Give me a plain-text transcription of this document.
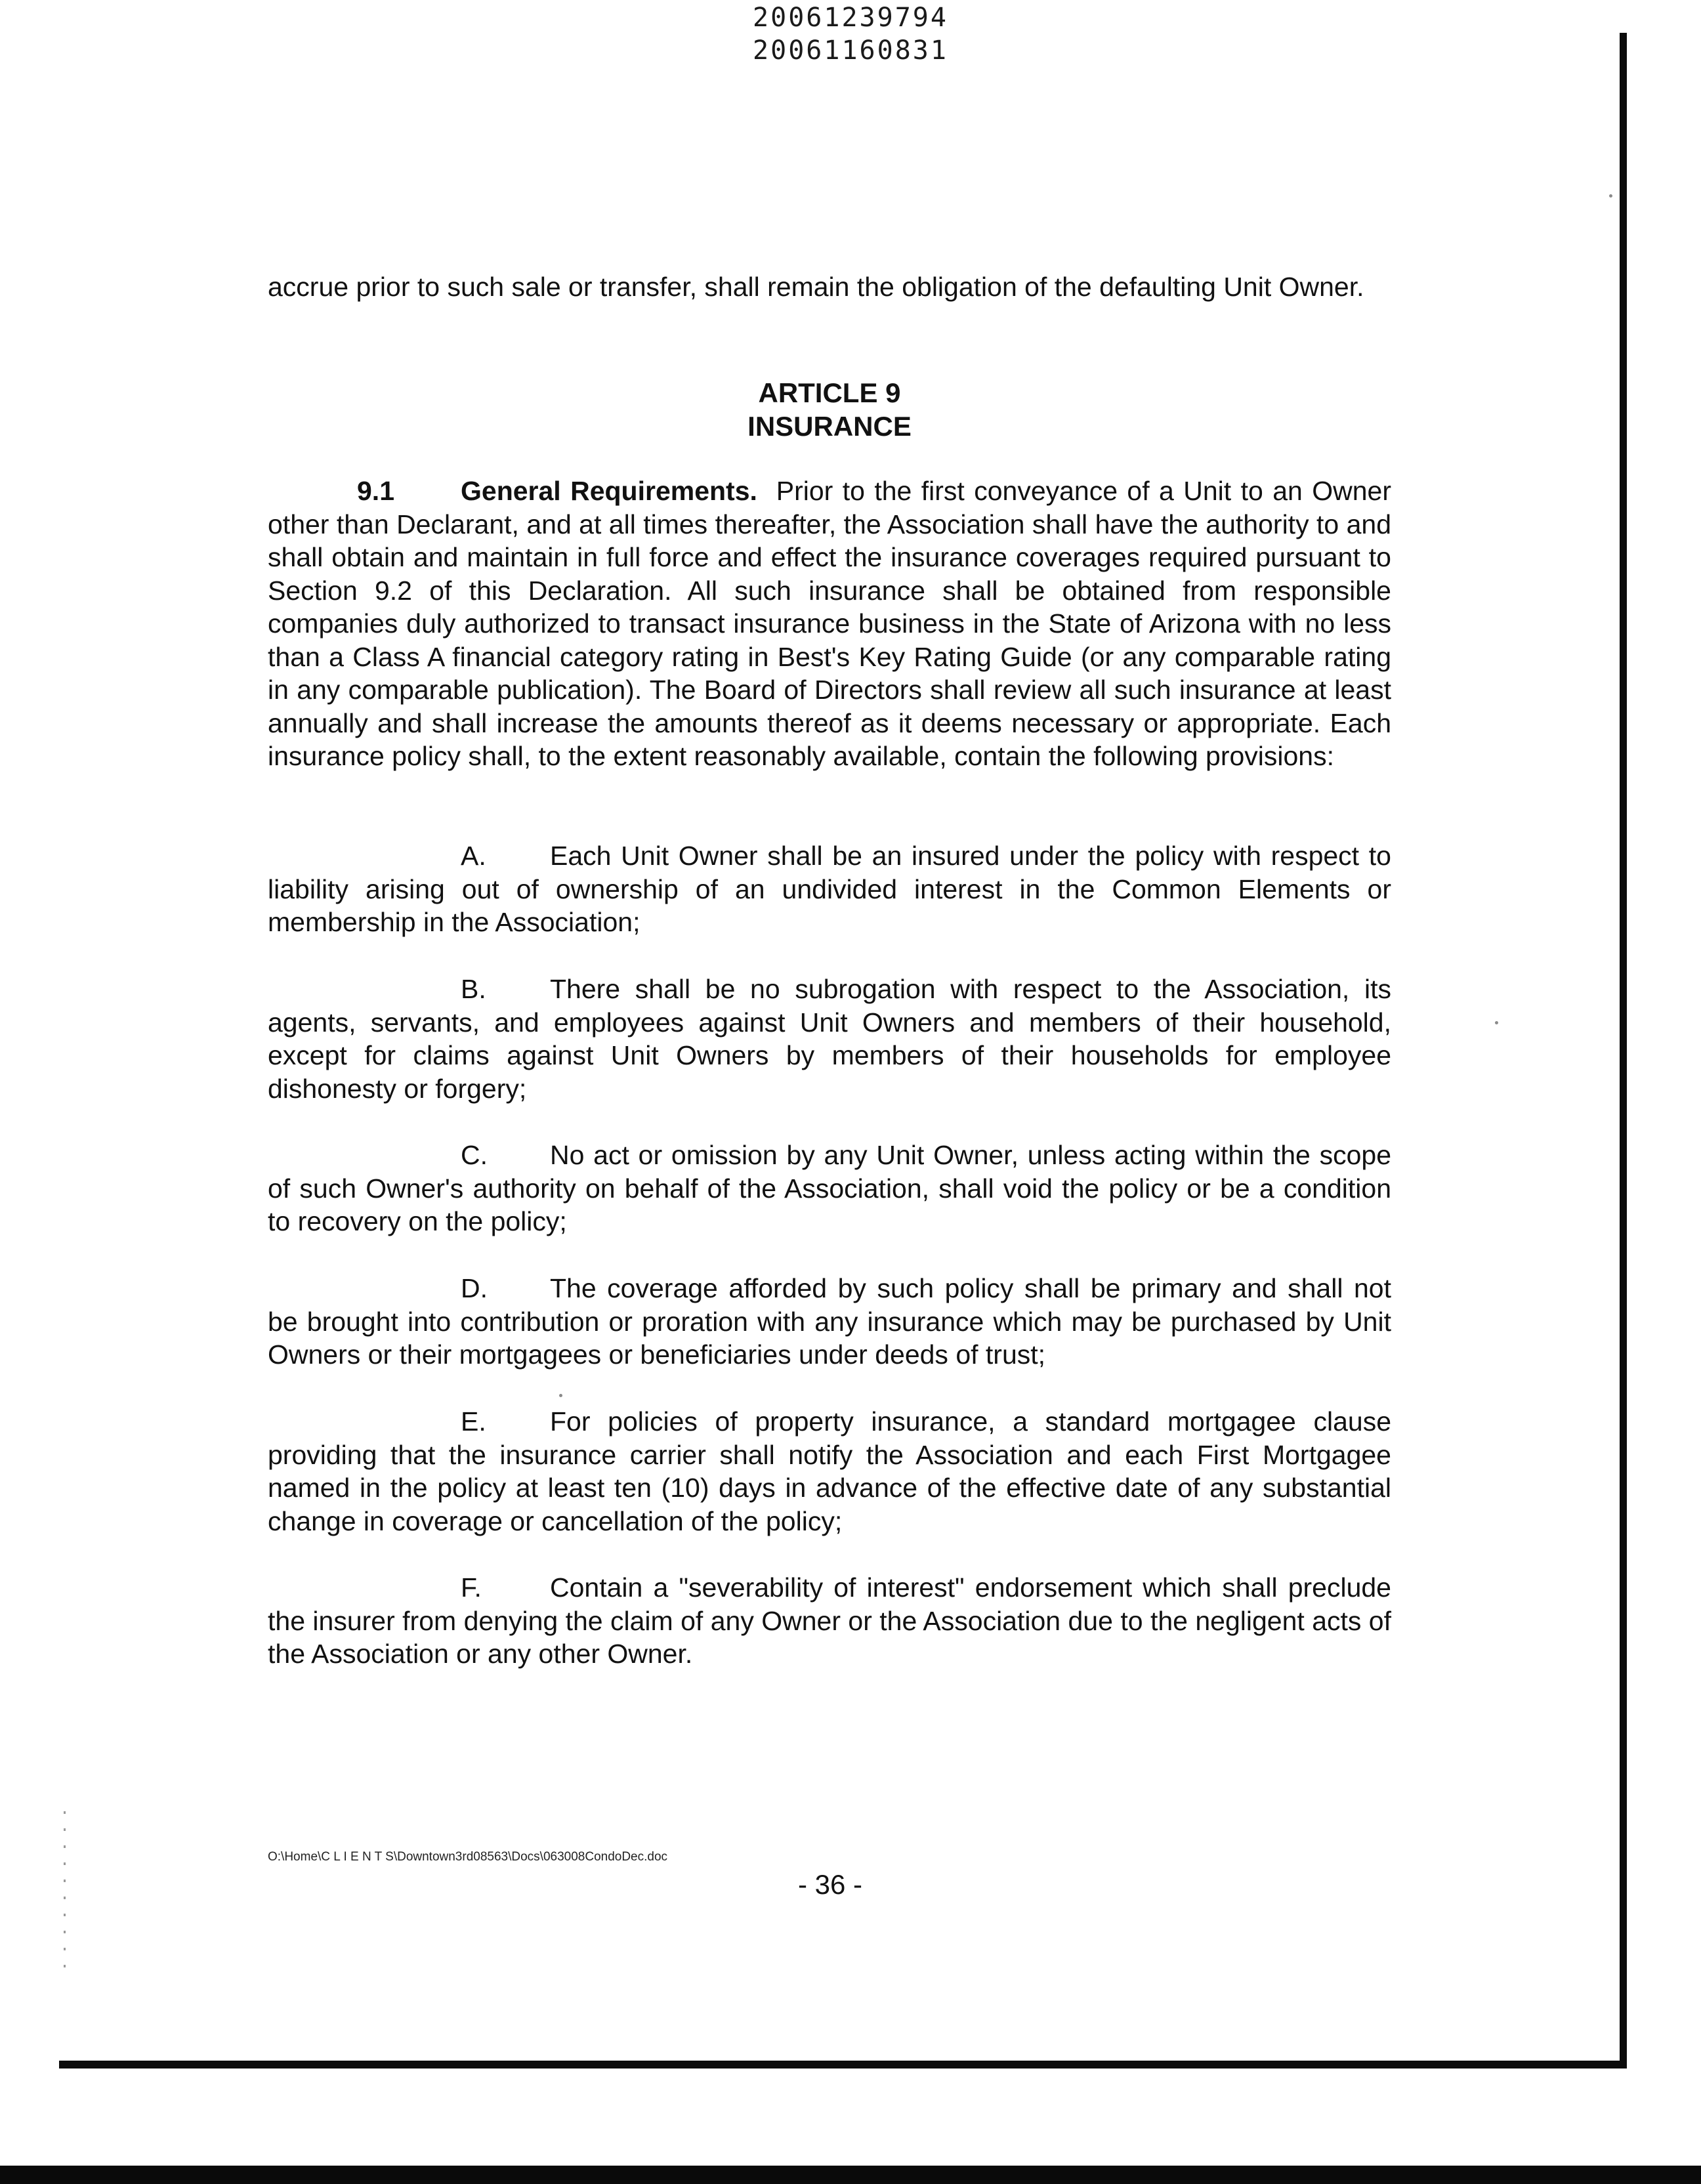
20061239794
20061160831

accrue prior to such sale or transfer, shall remain the obligation of the defaulting Unit Owner.

ARTICLE 9
INSURANCE

9.1 General Requirements. Prior to the first conveyance of a Unit to an Owner other than Declarant, and at all times thereafter, the Association shall have the authority to and shall obtain and maintain in full force and effect the insurance coverages required pursuant to Section 9.2 of this Declaration. All such insurance shall be obtained from responsible companies duly authorized to transact insurance business in the State of Arizona with no less than a Class A financial category rating in Best's Key Rating Guide (or any comparable rating in any comparable publication). The Board of Directors shall review all such insurance at least annually and shall increase the amounts thereof as it deems necessary or appropriate. Each insurance policy shall, to the extent reasonably available, contain the following provisions:

A. Each Unit Owner shall be an insured under the policy with respect to liability arising out of ownership of an undivided interest in the Common Elements or membership in the Association;

B. There shall be no subrogation with respect to the Association, its agents, servants, and employees against Unit Owners and members of their household, except for claims against Unit Owners by members of their households for employee dishonesty or forgery;

C. No act or omission by any Unit Owner, unless acting within the scope of such Owner's authority on behalf of the Association, shall void the policy or be a condition to recovery on the policy;

D. The coverage afforded by such policy shall be primary and shall not be brought into contribution or proration with any insurance which may be purchased by Unit Owners or their mortgagees or beneficiaries under deeds of trust;

E. For policies of property insurance, a standard mortgagee clause providing that the insurance carrier shall notify the Association and each First Mortgagee named in the policy at least ten (10) days in advance of the effective date of any substantial change in coverage or cancellation of the policy;

F.	Contain a "severability of interest" endorsement which shall preclude the insurer from denying the claim of any Owner or the Association due to the negligent acts of the Association or any other Owner.

O:\Home\C L I E N T S\Downtown3rd08563\Docs\063008CondoDec.doc
- 36 -
